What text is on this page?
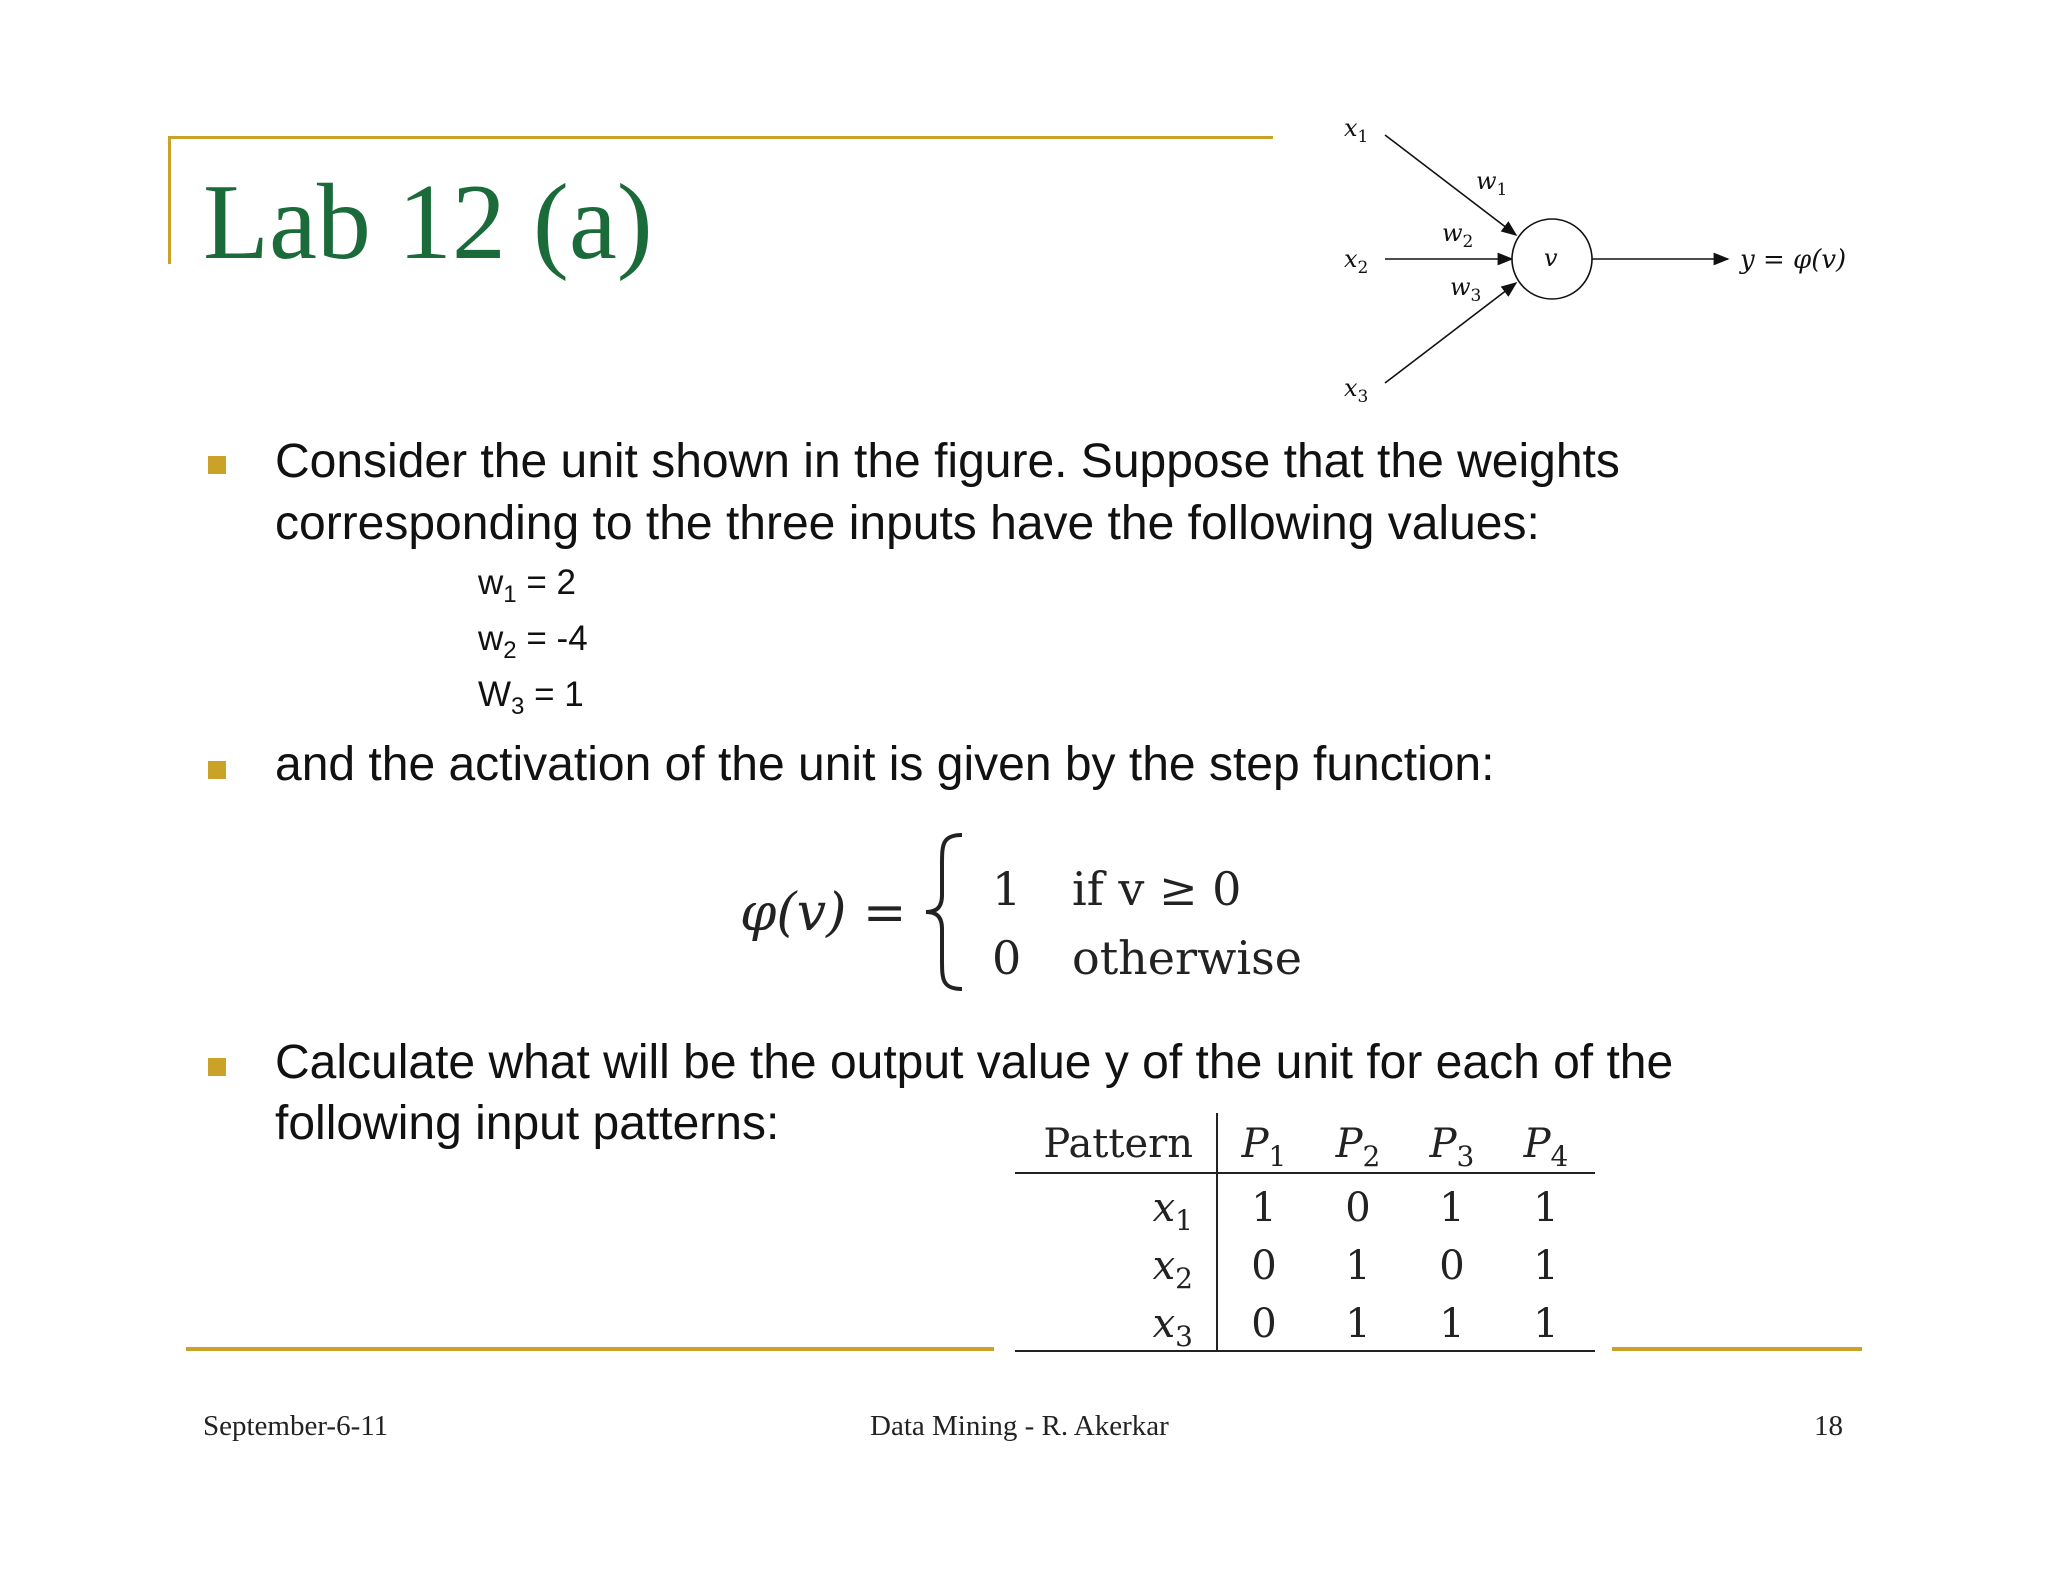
Lab 12 (a)
$x_1$
$x_2$
$x_3$
$w_1$
$w_2$
$w_3$
v	y = φ(v)
Consider the unit shown in the figure. Suppose that the weights
corresponding to the three inputs have the following values:
$w_1 = 2$
$w_2 = -4$
$W_3 = 1$
and the activation of the unit is given by the step function:
φ(v) = 1 if v ≥ 0
0 otherwise
Calculate what will be the output value y of the unit for each of the
following input patterns:	Pattern $P_1$ $P_2$ $P_3$ $P_4$
$x_1$ 1 0 1 1
$x_2$ 0 1 0 1
$x_3$ 0 1 1 1
September-6-11	Data Mining - R. Akerkar	18
